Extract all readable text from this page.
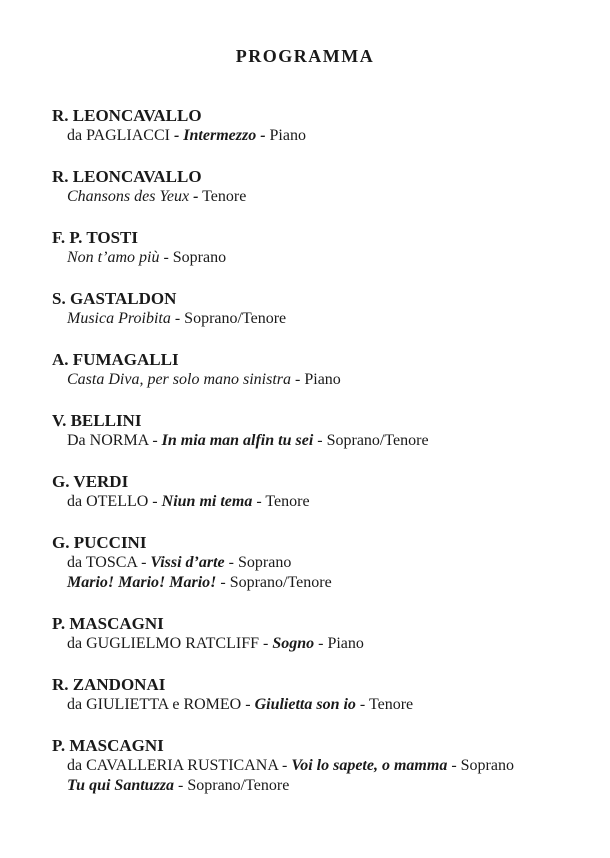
PROGRAMMA
R. LEONCAVALLO
da PAGLIACCI - Intermezzo - Piano
R. LEONCAVALLO
Chansons des Yeux - Tenore
F. P. TOSTI
Non t’amo più - Soprano
S. GASTALDON
Musica Proibita - Soprano/Tenore
A. FUMAGALLI
Casta Diva, per solo mano sinistra - Piano
V. BELLINI
Da NORMA - In mia man alfin tu sei - Soprano/Tenore
G. VERDI
da OTELLO - Niun mi tema - Tenore
G. PUCCINI
da TOSCA - Vissi d’arte - Soprano
Mario! Mario! Mario! - Soprano/Tenore
P. MASCAGNI
da GUGLIELMO RATCLIFF - Sogno - Piano
R. ZANDONAI
da GIULIETTA e ROMEO - Giulietta son io - Tenore
P. MASCAGNI
da CAVALLERIA RUSTICANA - Voi lo sapete, o mamma - Soprano
Tu qui Santuzza - Soprano/Tenore
